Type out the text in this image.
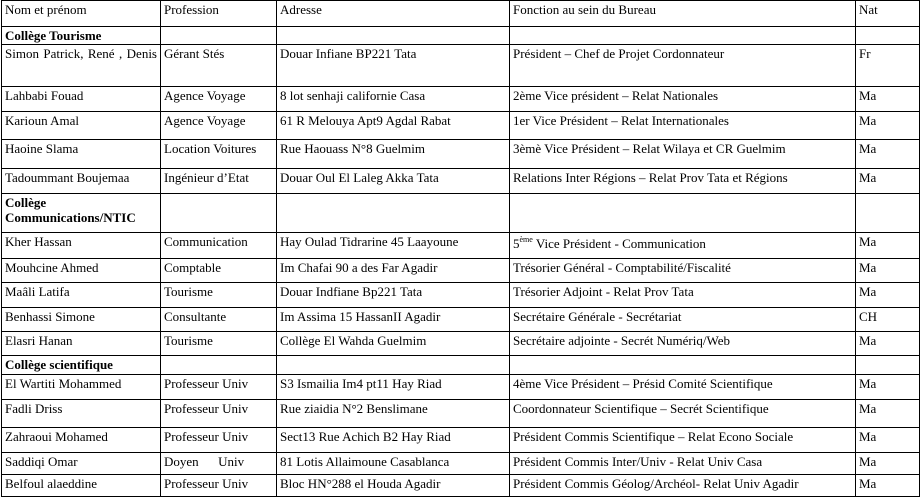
Nom et prénom	Profession	Adresse	Fonction au sein du Bureau	Nat
Collège Tourisme				
Simon Patrick, René , Denis	Gérant Stés	Douar Infiane BP221 Tata	Président – Chef de Projet Cordonnateur	Fr
Lahbabi Fouad	Agence Voyage	8 lot senhaji californie Casa	2ème Vice président – Relat Nationales	Ma
Karioun Amal	Agence Voyage	61 R Melouya Apt9 Agdal Rabat	1er Vice Président – Relat Internationales	Ma
Haoine Slama	Location Voitures	Rue Haouass N°8 Guelmim	3èmè Vice Président – Relat Wilaya et CR Guelmim	Ma
Tadoummant Boujemaa	Ingénieur d’Etat	Douar Oul El Laleg Akka Tata	Relations Inter Régions – Relat Prov Tata et Régions	Ma
Collège Communications/NTIC				
Kher Hassan	Communication	Hay Oulad Tidrarine 45 Laayoune	5ème Vice Président - Communication	Ma
Mouhcine Ahmed	Comptable	Im Chafai 90 a des Far Agadir	Trésorier Général - Comptabilité/Fiscalité	Ma
Maâli Latifa	Tourisme	Douar Indfiane Bp221 Tata	Trésorier Adjoint - Relat Prov Tata	Ma
Benhassi Simone	Consultante	Im Assima 15 HassanII Agadir	Secrétaire Générale - Secrétariat	CH
Elasri Hanan	Tourisme	Collège El Wahda Guelmim	Secrétaire adjointe - Secrét Numériq/Web	Ma
Collège scientifique				
El Wartiti Mohammed	Professeur Univ	S3 Ismailia Im4 pt11 Hay Riad	4ème Vice Président – Présid Comité Scientifique	Ma
Fadli Driss	Professeur Univ	Rue ziaidia N°2 Benslimane	Coordonnateur Scientifique – Secrét Scientifique	Ma
Zahraoui Mohamed	Professeur Univ	Sect13 Rue Achich B2 Hay Riad	Président Commis Scientifique – Relat Econo Sociale	Ma
Saddiqi Omar	Doyen      Univ	81 Lotis Allaimoune Casablanca	Président Commis Inter/Univ - Relat Univ Casa	Ma
Belfoul alaeddine	Professeur Univ	Bloc HN°288 el Houda Agadir	Président Commis Géolog/Archéol- Relat Univ Agadir	Ma
